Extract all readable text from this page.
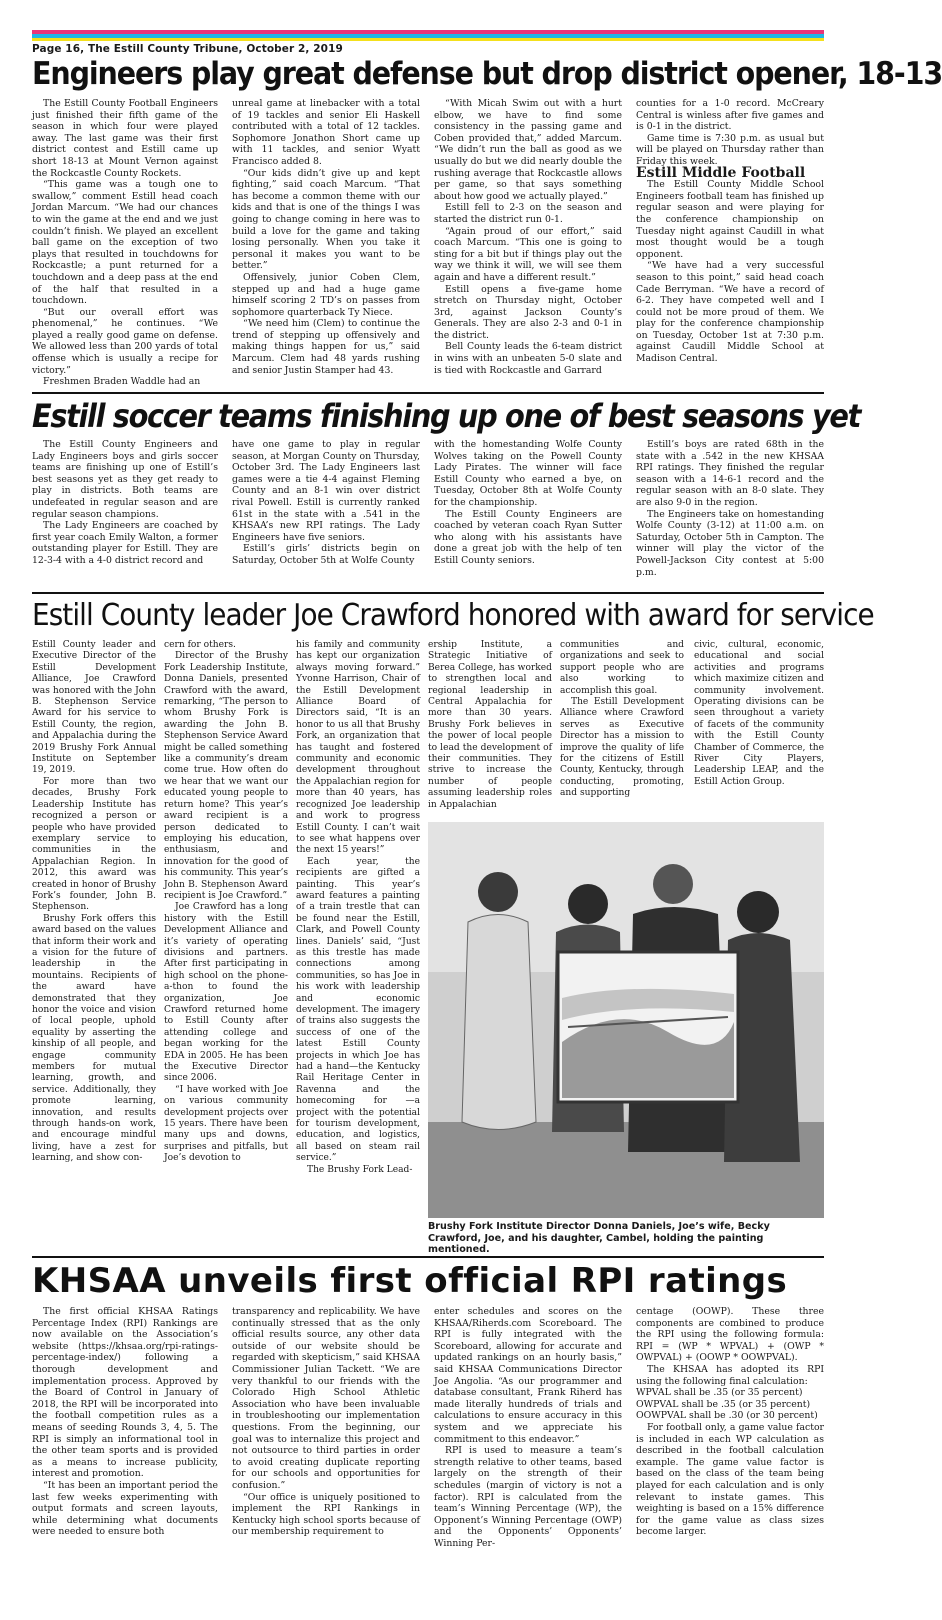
Page 16, The Estill County Tribune, October 2, 2019
Engineers play great defense but drop district opener, 18-13

The Estill County Football Engineers just finished their fifth game of the season in which four were played away. The last game was their first district contest and Estill came up short 18-13 at Mount Vernon against the Rockcastle County Rockets.

“This game was a tough one to swallow,” comment Estill head coach Jordan Marcum. “We had our chances to win the game at the end and we just couldn’t finish. We played an excellent ball game on the exception of two plays that resulted in touchdowns for Rockcastle; a punt returned for a touchdown and a deep pass at the end of the half that resulted in a touchdown.

“But our overall effort was phenomenal,” he continues. “We played a really good game on defense. We allowed less than 200 yards of total offense which is usually a recipe for victory.”

Freshmen Braden Waddle had an

unreal game at linebacker with a total of 19 tackles and senior Eli Haskell contributed with a total of 12 tackles. Sophomore Jonathon Short came up with 11 tackles, and senior Wyatt Francisco added 8.

“Our kids didn’t give up and kept fighting,” said coach Marcum. “That has become a common theme with our kids and that is one of the things I was going to change coming in here was to build a love for the game and taking losing personally. When you take it personal it makes you want to be better.”

Offensively, junior Coben Clem, stepped up and had a huge game himself scoring 2 TD’s on passes from sophomore quarterback Ty Niece.

“We need him (Clem) to continue the trend of stepping up offensively and making things happen for us,” said Marcum. Clem had 48 yards rushing and senior Justin Stamper had 43.

“With Micah Swim out with a hurt elbow, we have to find some consistency in the passing game and Coben provided that,” added Marcum. “We didn’t run the ball as good as we usually do but we did nearly double the rushing average that Rockcastle allows per game, so that says something about how good we actually played.”

Estill fell to 2-3 on the season and started the district run 0-1.

“Again proud of our effort,” said coach Marcum. “This one is going to sting for a bit but if things play out the way we think it will, we will see them again and have a different result.”

Estill opens a five-game home stretch on Thursday night, October 3rd, against Jackson County’s Generals. They are also 2-3 and 0-1 in the district.

Bell County leads the 6-team district in wins with an unbeaten 5-0 slate and is tied with Rockcastle and Garrard

counties for a 1-0 record. McCreary Central is winless after five games and is 0-1 in the district.

Game time is 7:30 p.m. as usual but will be played on Thursday rather than Friday this week.

Estill Middle Football

The Estill County Middle School Engineers football team has finished up regular season and were playing for the conference championship on Tuesday night against Caudill in what most thought would be a tough opponent.

“We have had a very successful season to this point,” said head coach Cade Berryman. “We have a record of 6-2. They have competed well and I could not be more proud of them. We play for the conference championship on Tuesday, October 1st at 7:30 p.m. against Caudill Middle School at Madison Central.

Estill soccer teams finishing up one of best seasons yet

The Estill County Engineers and Lady Engineers boys and girls soccer teams are finishing up one of Estill’s best seasons yet as they get ready to play in districts. Both teams are undefeated in regular season and are regular season champions.

The Lady Engineers are coached by first year coach Emily Walton, a former outstanding player for Estill. They are 12-3-4 with a 4-0 district record and

have one game to play in regular season, at Morgan County on Thursday, October 3rd. The Lady Engineers last games were a tie 4-4 against Fleming County and an 8-1 win over district rival Powell. Estill is currently ranked 61st in the state with a .541 in the KHSAA’s new RPI ratings. The Lady Engineers have five seniors.

Estill’s girls’ districts begin on Saturday, October 5th at Wolfe County

with the homestanding Wolfe County Wolves taking on the Powell County Lady Pirates. The winner will face Estill County who earned a bye, on Tuesday, October 8th at Wolfe County for the championship.

The Estill County Engineers are coached by veteran coach Ryan Sutter who along with his assistants have done a great job with the help of ten Estill County seniors.

Estill’s boys are rated 68th in the state with a .542 in the new KHSAA RPI ratings. They finished the regular season with a 14-6-1 record and the regular season with an 8-0 slate. They are also 9-0 in the region.

The Engineers take on homestanding Wolfe County (3-12) at 11:00 a.m. on Saturday, October 5th in Campton. The winner will play the victor of the Powell-Jackson City contest at 5:00 p.m.

Estill County leader Joe Crawford honored with award for service

Estill County leader and Executive Director of the Estill Development Alliance, Joe Crawford was honored with the John B. Stephenson Service Award for his service to Estill County, the region, and Appalachia during the 2019 Brushy Fork Annual Institute on September 19, 2019.

For more than two decades, Brushy Fork Leadership Institute has recognized a person or people who have provided exemplary service to communities in the Appalachian Region. In 2012, this award was created in honor of Brushy Fork’s founder, John B. Stephenson.

Brushy Fork offers this award based on the values that inform their work and a vision for the future of leadership in the mountains. Recipients of the award have demonstrated that they honor the voice and vision of local people, uphold equality by asserting the kinship of all people, and engage community members for mutual learning, growth, and service. Additionally, they promote learning, innovation, and results through hands-on work, and encourage mindful living, have a zest for learning, and show con-

cern for others.

Director of the Brushy Fork Leadership Institute, Donna Daniels, presented Crawford with the award, remarking, “The person to whom Brushy Fork is awarding the John B. Stephenson Service Award might be called something like a community’s dream come true. How often do we hear that we want our educated young people to return home? This year’s award recipient is a person dedicated to employing his education, enthusiasm, and innovation for the good of his community. This year’s John B. Stephenson Award recipient is Joe Crawford.”

Joe Crawford has a long history with the Estill Development Alliance and it’s variety of operating divisions and partners. After first participating in high school on the phone-a-thon to found the organization, Joe Crawford returned home to Estill County after attending college and began working for the EDA in 2005. He has been the Executive Director since 2006.

“I have worked with Joe on various community development projects over 15 years. There have been many ups and downs, surprises and pitfalls, but Joe’s devotion to

his family and community has kept our organization always moving forward.” Yvonne Harrison, Chair of the Estill Development Alliance Board of Directors said, “It is an honor to us all that Brushy Fork, an organization that has taught and fostered community and economic development throughout the Appalachian region for more than 40 years, has recognized Joe leadership and work to progress Estill County. I can’t wait to see what happens over the next 15 years!”

Each year, the recipients are gifted a painting. This year’s award features a painting of a train trestle that can be found near the Estill, Clark, and Powell County lines. Daniels’ said, “Just as this trestle has made connections among communities, so has Joe in his work with leadership and economic development. The imagery of trains also suggests the success of one of the latest Estill County projects in which Joe has had a hand—the Kentucky Rail Heritage Center in Ravenna and the homecoming for —a project with the potential for tourism development, education, and logistics, all based on steam rail service.”

The Brushy Fork Lead-

ership Institute, a Strategic Initiative of Berea College, has worked to strengthen local and regional leadership in Central Appalachia for more than 30 years. Brushy Fork believes in the power of local people to lead the development of their communities. They strive to increase the number of people assuming leadership roles in Appalachian

communities and organizations and seek to support people who are also working to accomplish this goal.

The Estill Development Alliance where Crawford serves as Executive Director has a mission to improve the quality of life for the citizens of Estill County, Kentucky, through conducting, promoting, and supporting

civic, cultural, economic, educational and social activities and programs which maximize citizen and community involvement. Operating divisions can be seen throughout a variety of facets of the community with the Estill County Chamber of Commerce, the River City Players, Leadership LEAP, and the Estill Action Group.

Brushy Fork Institute Director Donna Daniels, Joe’s wife, Becky Crawford, Joe, and his daughter, Cambel, holding the painting mentioned.
KHSAA unveils first official RPI ratings

The first official KHSAA Ratings Percentage Index (RPI) Rankings are now available on the Association’s website (https://khsaa.org/rpi-ratings-percentage-index/) following a thorough development and implementation process. Approved by the Board of Control in January of 2018, the RPI will be incorporated into the football competition rules as a means of seeding Rounds 3, 4, 5. The RPI is simply an informational tool in the other team sports and is provided as a means to increase publicity, interest and promotion.

“It has been an important period the last few weeks experimenting with output formats and screen layouts, while determining what documents were needed to ensure both

transparency and replicability. We have continually stressed that as the only official results source, any other data outside of our website should be regarded with skepticism,” said KHSAA Commissioner Julian Tackett. “We are very thankful to our friends with the Colorado High School Athletic Association who have been invaluable in troubleshooting our implementation questions. From the beginning, our goal was to internalize this project and not outsource to third parties in order to avoid creating duplicate reporting for our schools and opportunities for confusion.”

“Our office is uniquely positioned to implement the RPI Rankings in Kentucky high school sports because of our membership requirement to

enter schedules and scores on the KHSAA/Riherds.com Scoreboard. The RPI is fully integrated with the Scoreboard, allowing for accurate and updated rankings on an hourly basis,” said KHSAA Communications Director Joe Angolia. “As our programmer and database consultant, Frank Riherd has made literally hundreds of trials and calculations to ensure accuracy in this system and we appreciate his commitment to this endeavor.”

RPI is used to measure a team’s strength relative to other teams, based largely on the strength of their schedules (margin of victory is not a factor). RPI is calculated from the team’s Winning Percentage (WP), the Opponent’s Winning Percentage (OWP) and the Opponents’ Opponents’ Winning Per-

centage (OOWP). These three components are combined to produce the RPI using the following formula: RPI = (WP * WPVAL) + (OWP * OWPVAL) + (OOWP * OOWPVAL).

The KHSAA has adopted its RPI using the following final calculation:

WPVAL shall be .35 (or 35 percent)

OWPVAL shall be .35 (or 35 percent)

OOWPVAL shall be .30 (or 30 percent)

For football only, a game value factor is included in each WP calculation as described in the football calculation example. The game value factor is based on the class of the team being played for each calculation and is only relevant to instate games. This weighting is based on a 15% difference for the game value as class sizes become larger.
